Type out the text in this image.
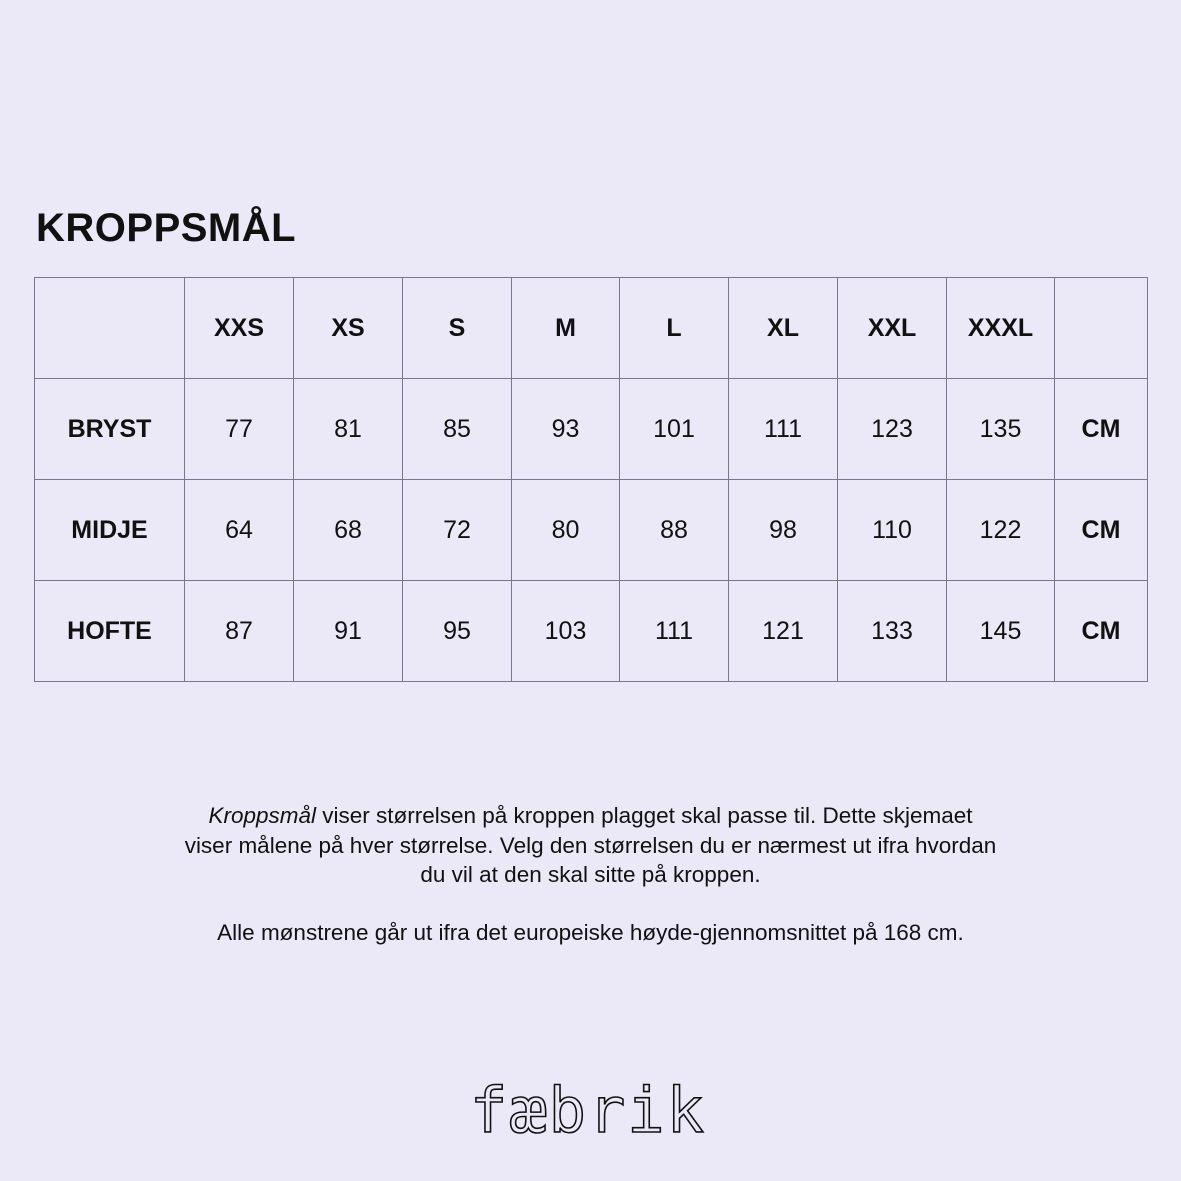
KROPPSMÅL
	XXS	XS	S	M	L	XL	XXL	XXXL	
BRYST	77	81	85	93	101	111	123	135	CM
MIDJE	64	68	72	80	88	98	110	122	CM
HOFTE	87	91	95	103	111	121	133	145	CM

Kroppsmål viser størrelsen på kroppen plagget skal passe til. Dette skjemaet
viser målene på hver størrelse. Velg den størrelsen du er nærmest ut ifra hvordan
du vil at den skal sitte på kroppen.

Alle mønstrene går ut ifra det europeiske høyde-gjennomsnittet på 168 cm.

fæbrik
